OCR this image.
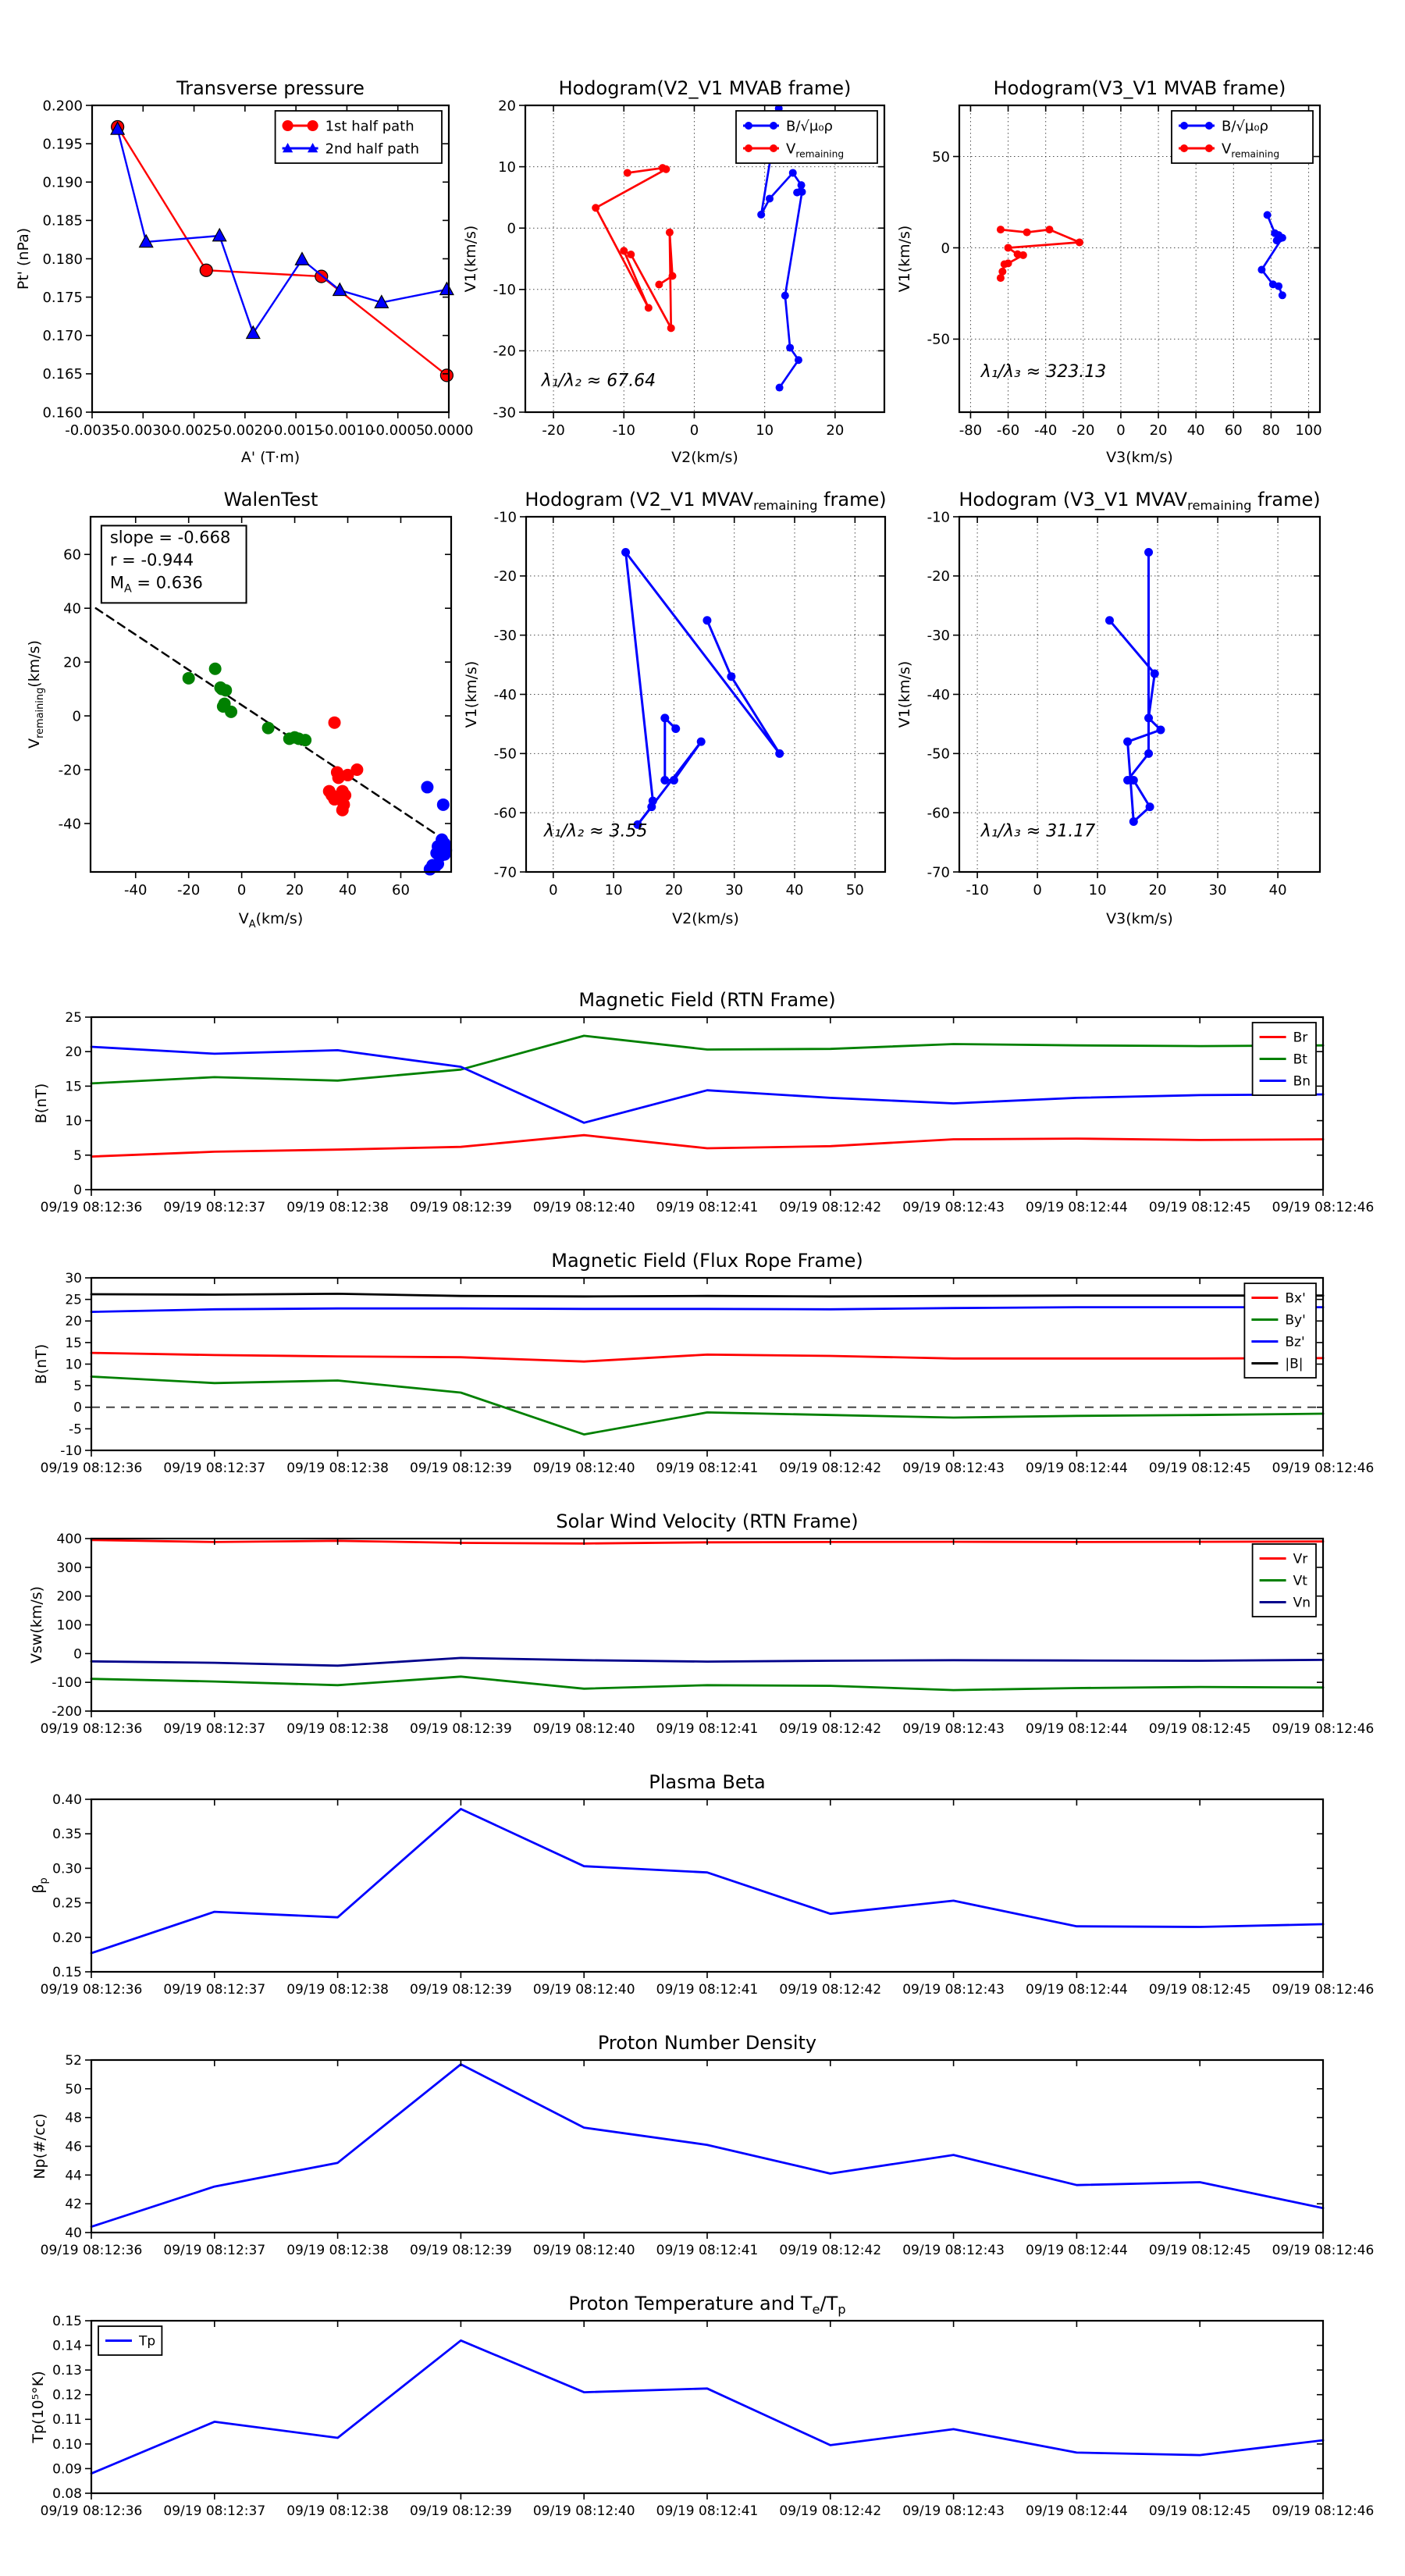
-0.0035
-0.0030
-0.0025
-0.0020
-0.0015
-0.0010
-0.0005 0.0000
0.160
0.165
0.170
0.175
0.180
0.185
0.190
0.195
0.200
Transverse pressure
A' (T·m)
Pt' (nPa)
1st half path
2nd half path
-20	-10	0	10	20
-30
-20
-10
0
10
20
Hodogram(V2_V1 MVAB frame)
V2(km/s)
V1(km/s)
λ₁/λ₂ ≈ 67.64
B/√μ₀ρ
$V_{remaining}$
-80 -60 -40 -20 0 20 40 60 80 100
-50
0
50
Hodogram(V3_V1 MVAB frame)
V3(km/s)
V1(km/s)
λ₁/λ₃ ≈ 323.13
B/√μ₀ρ
$V_{remaining}$
-40 -20	0	20	40	60
-40
-20
0
20
40
60
WalenTest
$V_A(km/s)$
$V_{remaining}(km/s)$
slope = -0.668
r = -0.944
$M_A = 0.636$
0	10	20	30	40	50
-70
-60
-50
-40
-30
-20
-10
Hodogram (V2_V1 $MVAV_{remaining}$ frame)
V2(km/s)
V1(km/s)
λ₁/λ₂ ≈ 3.55
-10	0	10	20	30	40
-70
-60
-50
-40
-30
-20
-10
Hodogram (V3_V1 $MVAV_{remaining}$ frame)
V3(km/s)
V1(km/s)
λ₁/λ₃ ≈ 31.17
09/19 08:12:36 09/19 08:12:37 09/19 08:12:38 09/19 08:12:39 09/19 08:12:40 09/19 08:12:41 09/19 08:12:42 09/19 08:12:43 09/19 08:12:44 09/19 08:12:45 09/19 08:12:46
0
5
10
15
20
25
Magnetic Field (RTN Frame)
B(nT)
Br
Bt
Bn
09/19 08:12:36 09/19 08:12:37 09/19 08:12:38 09/19 08:12:39 09/19 08:12:40 09/19 08:12:41 09/19 08:12:42 09/19 08:12:43 09/19 08:12:44 09/19 08:12:45 09/19 08:12:46
-10
-5
0
5
10
15
20
25
30
Magnetic Field (Flux Rope Frame)
B(nT)
Bx'
By'
Bz'
|B|
09/19 08:12:36 09/19 08:12:37 09/19 08:12:38 09/19 08:12:39 09/19 08:12:40 09/19 08:12:41 09/19 08:12:42 09/19 08:12:43 09/19 08:12:44 09/19 08:12:45 09/19 08:12:46
-200
-100
0
100
200
300
400
Solar Wind Velocity (RTN Frame)
Vsw(km/s)
Vr
Vt
Vn
09/19 08:12:36 09/19 08:12:37 09/19 08:12:38 09/19 08:12:39 09/19 08:12:40 09/19 08:12:41 09/19 08:12:42 09/19 08:12:43 09/19 08:12:44 09/19 08:12:45 09/19 08:12:46
0.15
0.20
0.25
0.30
0.35
0.40
Plasma Beta
$\beta_p$
09/19 08:12:36 09/19 08:12:37 09/19 08:12:38 09/19 08:12:39 09/19 08:12:40 09/19 08:12:41 09/19 08:12:42 09/19 08:12:43 09/19 08:12:44 09/19 08:12:45 09/19 08:12:46
40
42
44
46
48
50
52
Proton Number Density
Np(#/cc)
09/19 08:12:36 09/19 08:12:37 09/19 08:12:38 09/19 08:12:39 09/19 08:12:40 09/19 08:12:41 09/19 08:12:42 09/19 08:12:43 09/19 08:12:44 09/19 08:12:45 09/19 08:12:46
0.08
0.09
0.10
0.11
0.12
0.13
0.14
0.15
Proton Temperature and $T_e/T_p$
Tp(10⁵°K)
Tp
